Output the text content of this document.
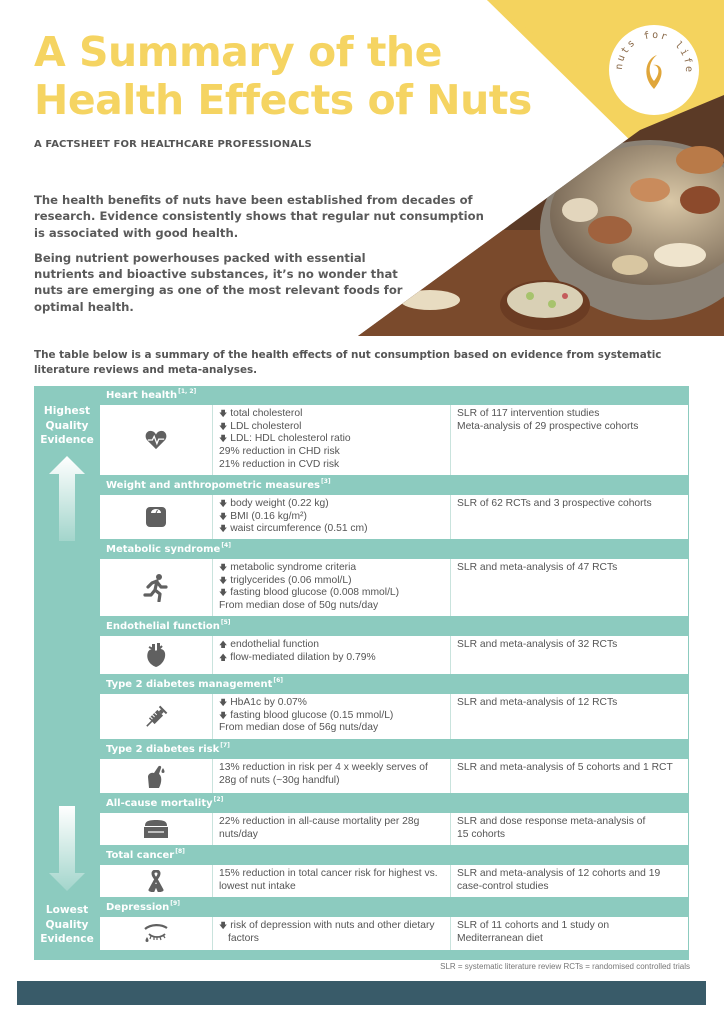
nuts for life
A Summary of the
Health Effects of Nuts
A FACTSHEET FOR HEALTHCARE PROFESSIONALS

The health benefits of nuts have been established from decades of research. Evidence consistently shows that regular nut consumption is associated with good health.

Being nutrient powerhouses packed with essential nutrients and bioactive substances, it’s no wonder that nuts are emerging as one of the most relevant foods for optimal health.

The table below is a summary of the health effects of nut consumption based on evidence from systematic literature reviews and meta-analyses.
Highest
Quality
Evidence
Lowest
Quality
Evidence
Heart health[1, 2]
🡇 total cholesterol
🡇 LDL cholesterol
🡇 LDL: HDL cholesterol ratio
29% reduction in CHD risk
21% reduction in CVD risk
SLR of 117 intervention studies
Meta-analysis of 29 prospective cohorts
Weight and anthropometric measures[3]
🡇 body weight (0.22 kg)
🡇 BMI (0.16 kg/m²)
🡇 waist circumference (0.51 cm)
SLR of 62 RCTs and 3 prospective cohorts
Metabolic syndrome[4]
🡇 metabolic syndrome criteria
🡇 triglycerides (0.06 mmol/L)
🡇 fasting blood glucose (0.008 mmol/L)
From median dose of 50g nuts/day
SLR and meta-analysis of 47 RCTs
Endothelial function[5]
🡅 endothelial function
🡅 flow-mediated dilation by 0.79%
SLR and meta-analysis of 32 RCTs
Type 2 diabetes management[6]
🡇 HbA1c by 0.07%
🡇 fasting blood glucose (0.15 mmol/L)
From median dose of 56g nuts/day
SLR and meta-analysis of 12 RCTs
Type 2 diabetes risk[7]
13% reduction in risk per 4 x weekly serves of 28g of nuts (~30g handful)
SLR and meta-analysis of 5 cohorts and 1 RCT
All-cause mortality[2]
22% reduction in all-cause mortality per 28g nuts/day
SLR and dose response meta-analysis of 15 cohorts
Total cancer[8]
15% reduction in total cancer risk for highest vs. lowest nut intake
SLR and meta-analysis of 12 cohorts and 19 case-control studies
Depression[9]
🡇 risk of depression with nuts and other dietary factors
SLR of 11 cohorts and 1 study on Mediterranean diet
SLR = systematic literature review RCTs = randomised controlled trials
